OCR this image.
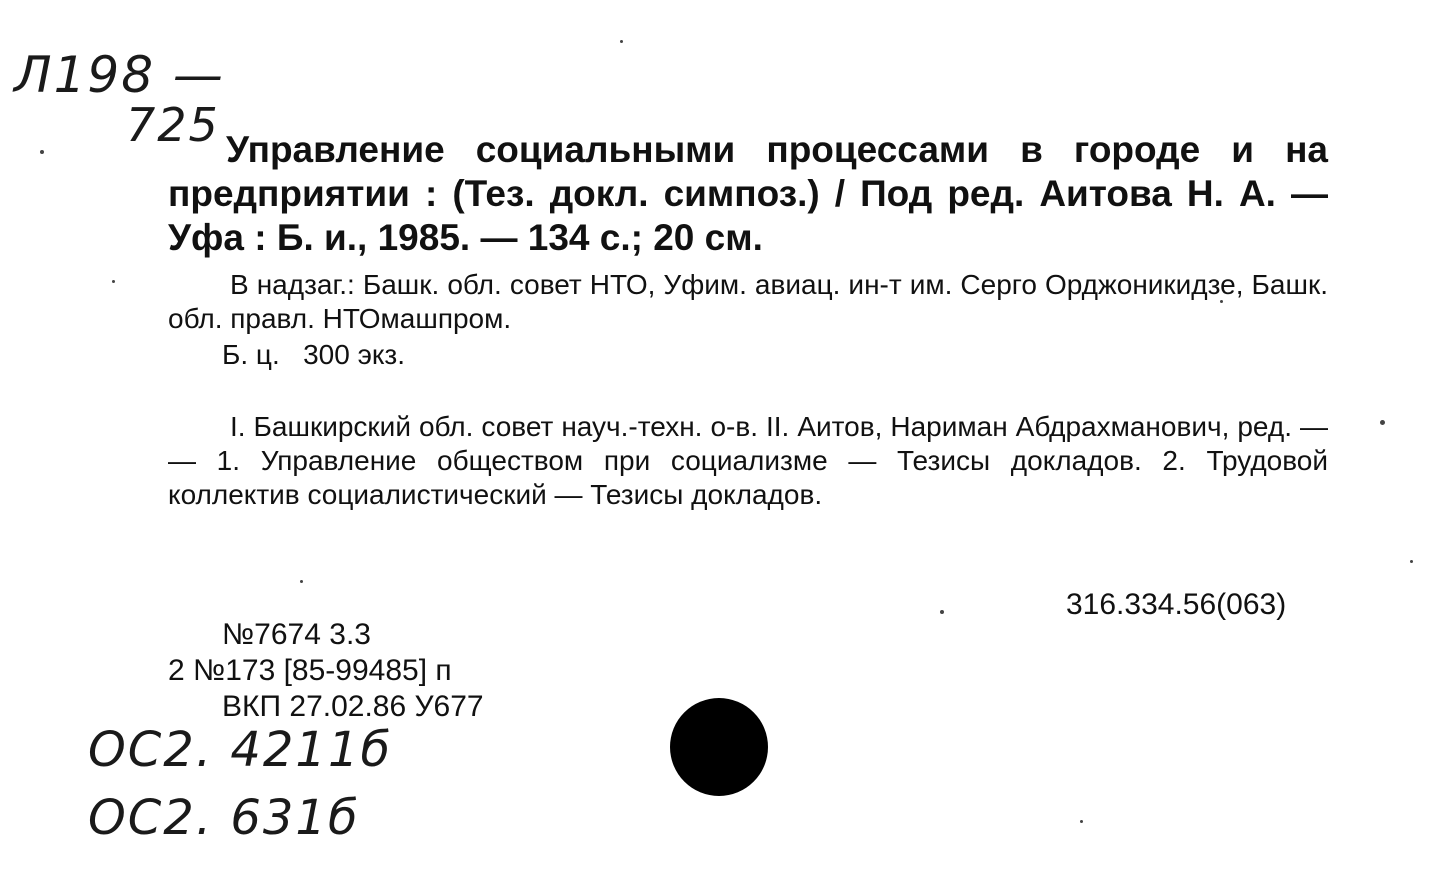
Л198 —
725 Управление социальными процессами в городе и на предприятии : (Тез. докл. симпоз.) / Под ред. Аитова Н. А. — Уфа : Б. и., 1985. — 134 с.; 20 см.
В надзаг.: Башк. обл. совет НТО, Уфим. авиац. ин-т им. Серго Орджоникидзе, Башк. обл. правл. НТОмашпром.
Б. ц.   300 экз.
I. Башкирский обл. совет науч.-техн. о-в. II. Аитов, Нариман Абдрахманович, ред. — — 1. Управление обществом при социализме — Тезисы докладов. 2. Трудовой коллектив социалистический — Тезисы докладов.
316.334.56(063)
№7674 3.3
2 №173 [85-99485] п
ВКП 27.02.86 У677
ОС2. 4211б
ОС2. 631б
